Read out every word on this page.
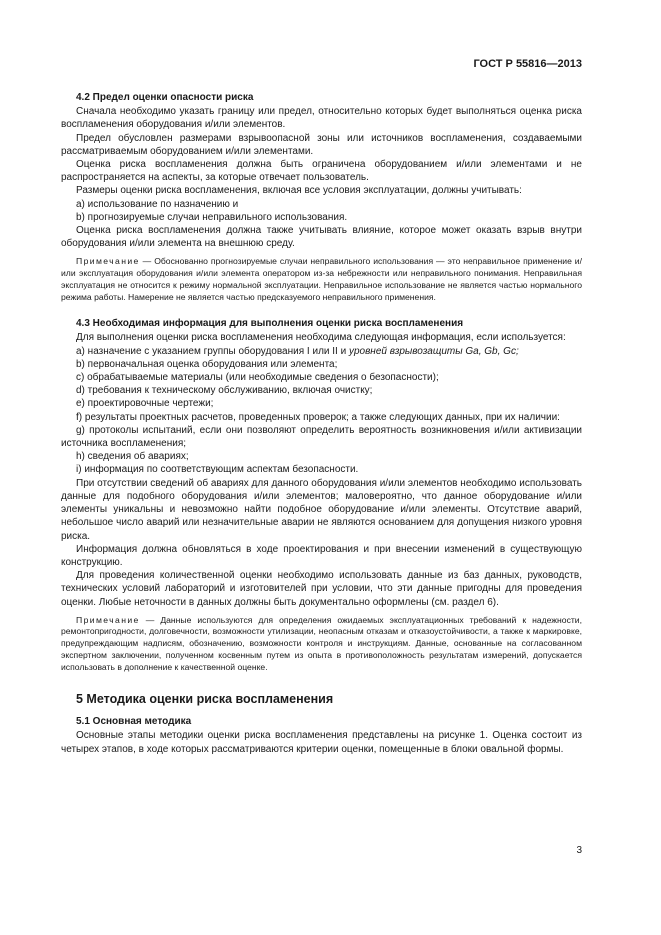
ГОСТ Р 55816—2013

4.2 Предел оценки опасности риска

Сначала необходимо указать границу или предел, относительно которых будет выполняться оценка риска воспламенения оборудования и/или элементов.

Предел обусловлен размерами взрывоопасной зоны или источников воспламенения, создаваемыми рассматриваемым оборудованием и/или элементами.

Оценка риска воспламенения должна быть ограничена оборудованием и/или элементами и не распространяется на аспекты, за которые отвечает пользователь.

Размеры оценки риска воспламенения, включая все условия эксплуатации, должны учитывать:

a) использование по назначению и

b) прогнозируемые случаи неправильного использования.

Оценка риска воспламенения должна также учитывать влияние, которое может оказать взрыв внутри оборудования и/или элемента на внешнюю среду.

Примечание — Обоснованно прогнозируемые случаи неправильного использования — это неправильное применение и/или эксплуатация оборудования и/или элемента оператором из-за небрежности или неправильного понимания. Неправильная эксплуатация не относится к режиму нормальной эксплуатации. Неправильное использование не является частью нормального режима работы. Намерение не является частью предсказуемого неправильного применения.

4.3 Необходимая информация для выполнения оценки риска воспламенения

Для выполнения оценки риска воспламенения необходима следующая информация, если используется:

a) назначение с указанием группы оборудования I или II и уровней взрывозащиты Ga, Gb, Gc;

b) первоначальная оценка оборудования или элемента;

c) обрабатываемые материалы (или необходимые сведения о безопасности);

d) требования к техническому обслуживанию, включая очистку;

e) проектировочные чертежи;

f) результаты проектных расчетов, проведенных проверок; а также следующих данных, при их наличии:

g) протоколы испытаний, если они позволяют определить вероятность возникновения и/или активизации источника воспламенения;

h) сведения об авариях;

i) информация по соответствующим аспектам безопасности.

При отсутствии сведений об авариях для данного оборудования и/или элементов необходимо использовать данные для подобного оборудования и/или элементов; маловероятно, что данное оборудование и/или элементы уникальны и невозможно найти подобное оборудование и/или элементы. Отсутствие аварий, небольшое число аварий или незначительные аварии не являются основанием для допущения низкого уровня риска.

Информация должна обновляться в ходе проектирования и при внесении изменений в существующую конструкцию.

Для проведения количественной оценки необходимо использовать данные из баз данных, руководств, технических условий лабораторий и изготовителей при условии, что эти данные пригодны для проведения оценки. Любые неточности в данных должны быть документально оформлены (см. раздел 6).

Примечание — Данные используются для определения ожидаемых эксплуатационных требований к надежности, ремонтопригодности, долговечности, возможности утилизации, неопасным отказам и отказоустойчивости, а также к маркировке, предупреждающим надписям, обозначению, возможности контроля и инструкциям. Данные, основанные на согласованном экспертном заключении, полученном косвенным путем из опыта в противоположность результатам измерений, допускается использовать в дополнение к качественной оценке.

5 Методика оценки риска воспламенения

5.1 Основная методика

Основные этапы методики оценки риска воспламенения представлены на рисунке 1. Оценка состоит из четырех этапов, в ходе которых рассматриваются критерии оценки, помещенные в блоки овальной формы.

3
